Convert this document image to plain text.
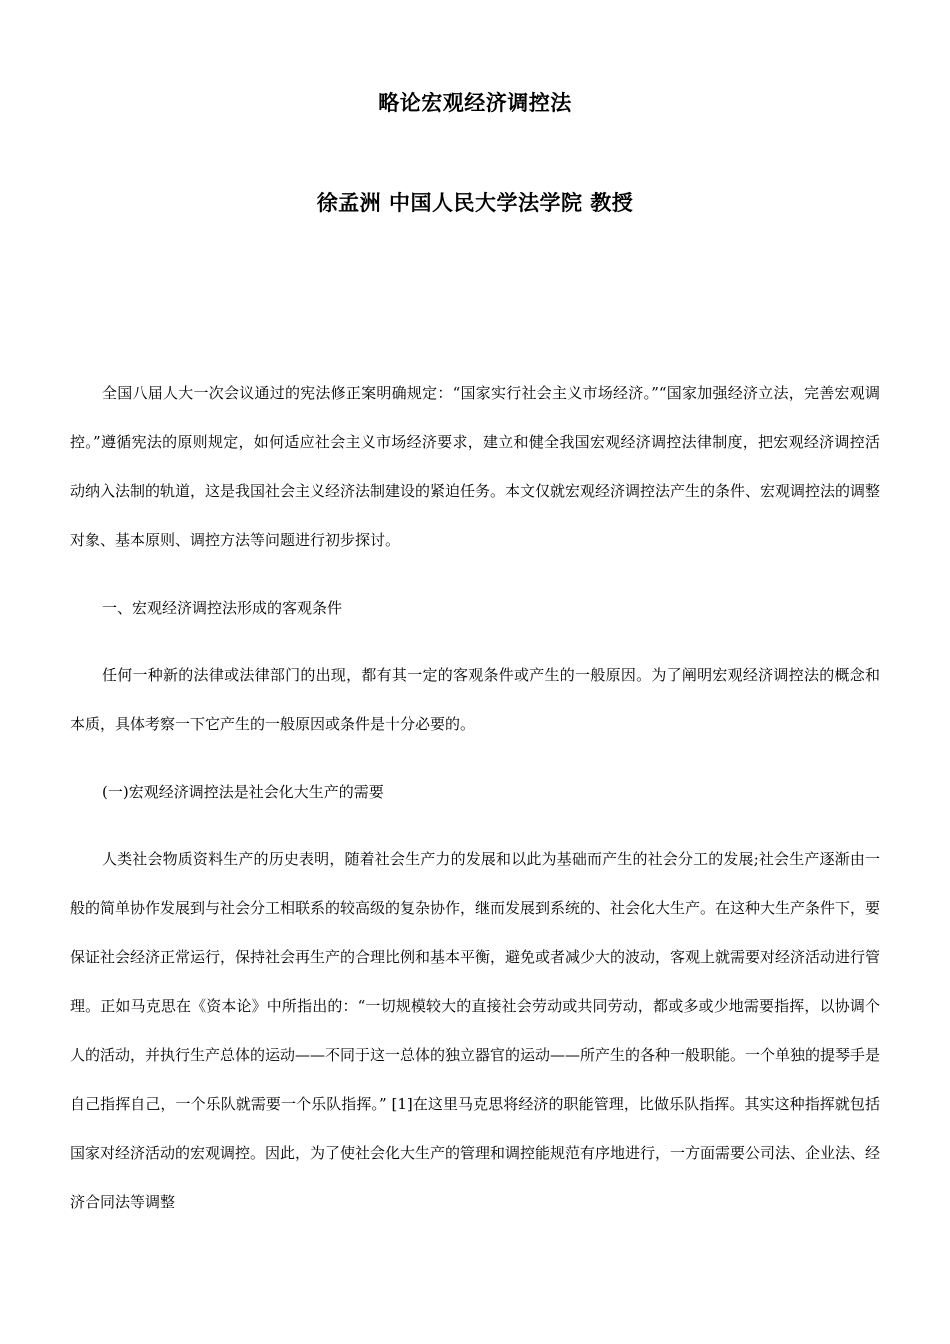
略论宏观经济调控法
徐孟洲 中国人民大学法学院 教授

全国八届人大一次会议通过的宪法修正案明确规定：“国家实行社会主义市场经济。”“国家加强经济立法，完善宏观调控。”遵循宪法的原则规定，如何适应社会主义市场经济要求，建立和健全我国宏观经济调控法律制度，把宏观经济调控活动纳入法制的轨道，这是我国社会主义经济法制建设的紧迫任务。本文仅就宏观经济调控法产生的条件、宏观调控法的调整对象、基本原则、调控方法等问题进行初步探讨。

一、宏观经济调控法形成的客观条件

任何一种新的法律或法律部门的出现，都有其一定的客观条件或产生的一般原因。为了阐明宏观经济调控法的概念和本质，具体考察一下它产生的一般原因或条件是十分必要的。

(一)宏观经济调控法是社会化大生产的需要

人类社会物质资料生产的历史表明，随着社会生产力的发展和以此为基础而产生的社会分工的发展;社会生产逐渐由一般的简单协作发展到与社会分工相联系的较高级的复杂协作，继而发展到系统的、社会化大生产。在这种大生产条件下，要保证社会经济正常运行，保持社会再生产的合理比例和基本平衡，避免或者减少大的波动，客观上就需要对经济活动进行管理。正如马克思在《资本论》中所指出的：“一切规模较大的直接社会劳动或共同劳动，都或多或少地需要指挥，以协调个人的活动，并执行生产总体的运动——不同于这一总体的独立器官的运动——所产生的各种一般职能。一个单独的提琴手是自己指挥自己，一个乐队就需要一个乐队指挥。” [1]在这里马克思将经济的职能管理，比做乐队指挥。其实这种指挥就包括国家对经济活动的宏观调控。因此，为了使社会化大生产的管理和调控能规范有序地进行，一方面需要公司法、企业法、经济合同法等调整
